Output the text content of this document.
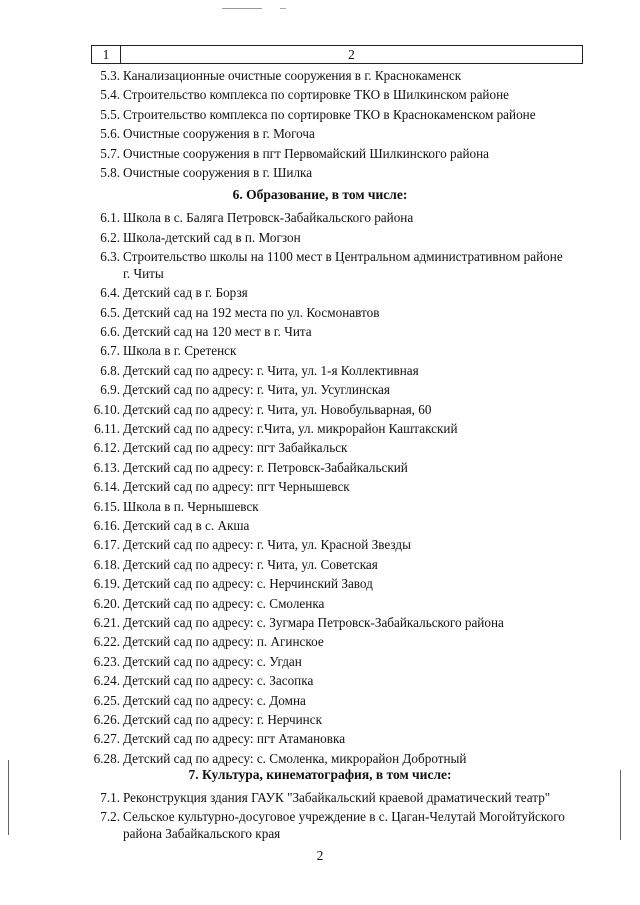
1	2
5.3. Канализационные очистные сооружения в г. Краснокаменск
5.4. Строительство комплекса по сортировке ТКО в Шилкинском районе
5.5. Строительство комплекса по сортировке ТКО в Краснокаменском районе
5.6. Очистные сооружения в г. Могоча
5.7. Очистные сооружения в пгт Первомайский Шилкинского района
5.8. Очистные сооружения в г. Шилка
6. Образование, в том числе:
6.1. Школа в с. Баляга Петровск-Забайкальского района
6.2. Школа-детский сад в п. Могзон
6.3. Строительство школы на 1100 мест в Центральном административном районе
г. Читы
6.4. Детский сад в г. Борзя
6.5. Детский сад на 192 места по ул. Космонавтов
6.6. Детский сад на 120 мест в г. Чита
6.7. Школа в г. Сретенск
6.8. Детский сад по адресу: г. Чита, ул. 1-я Коллективная
6.9. Детский сад по адресу: г. Чита, ул. Усуглинская
6.10. Детский сад по адресу: г. Чита, ул. Новобульварная, 60
6.11. Детский сад по адресу: г.Чита, ул. микрорайон Каштакский
6.12. Детский сад по адресу: пгт Забайкальск
6.13. Детский сад по адресу: г. Петровск-Забайкальский
6.14. Детский сад по адресу: пгт Чернышевск
6.15. Школа в п. Чернышевск
6.16. Детский сад в с. Акша
6.17. Детский сад по адресу: г. Чита, ул. Красной Звезды
6.18. Детский сад по адресу: г. Чита, ул. Советская
6.19. Детский сад по адресу: с. Нерчинский Завод
6.20. Детский сад по адресу: с. Смоленка
6.21. Детский сад по адресу: с. Зугмара Петровск-Забайкальского района
6.22. Детский сад по адресу: п. Агинское
6.23. Детский сад по адресу: с. Угдан
6.24. Детский сад по адресу: с. Засопка
6.25. Детский сад по адресу: с. Домна
6.26. Детский сад по адресу: г. Нерчинск
6.27. Детский сад по адресу: пгт Атамановка
6.28. Детский сад по адресу: с. Смоленка, микрорайон Добротный
7. Культура, кинематография, в том числе:
7.1. Реконструкция здания ГАУК "Забайкальский краевой драматический театр"
7.2. Сельское культурно-досуговое учреждение в с. Цаган-Челутай Могойтуйского
района Забайкальского края
2
